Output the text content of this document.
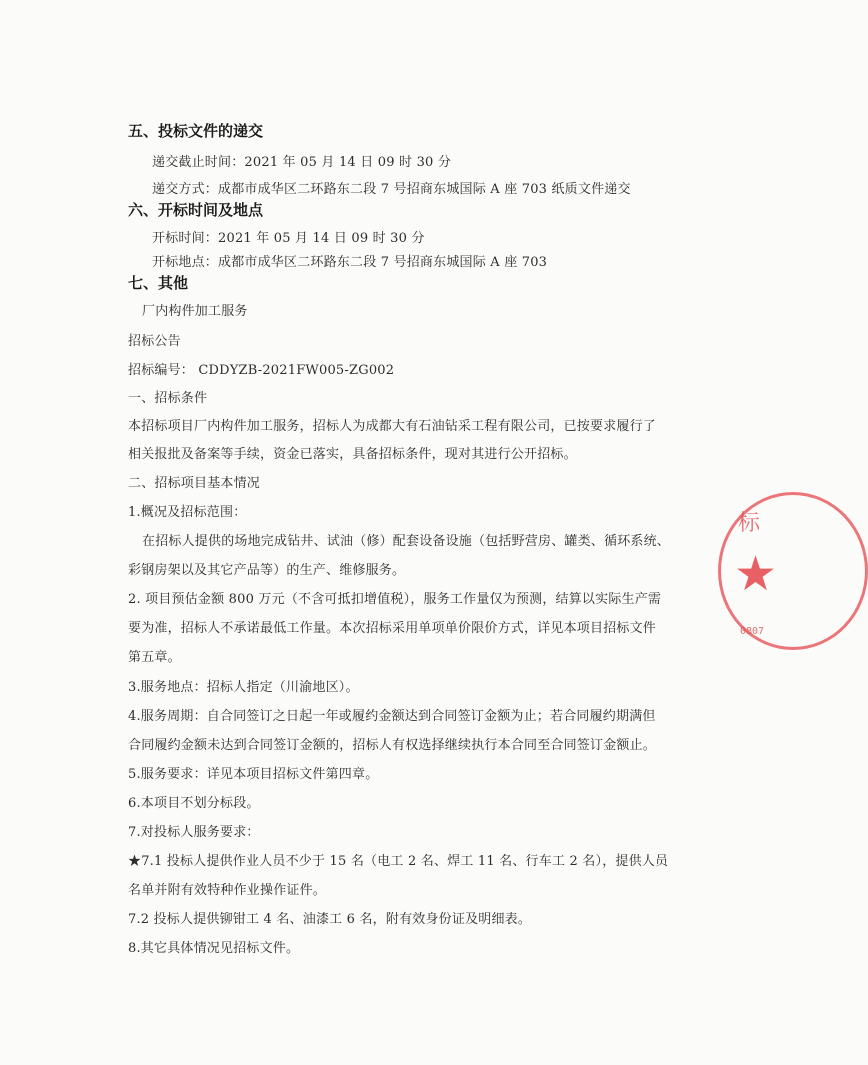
五、投标文件的递交
递交截止时间：2021 年 05 月 14 日 09 时 30 分
递交方式：成都市成华区二环路东二段 7 号招商东城国际 A 座 703 纸质文件递交
六、开标时间及地点
开标时间：2021 年 05 月 14 日 09 时 30 分
开标地点：成都市成华区二环路东二段 7 号招商东城国际 A 座 703
七、其他
厂内构件加工服务
招标公告
招标编号： CDDYZB-2021FW005-ZG002
一、招标条件
本招标项目厂内构件加工服务，招标人为成都大有石油钻采工程有限公司，已按要求履行了
相关报批及备案等手续，资金已落实，具备招标条件，现对其进行公开招标。
二、招标项目基本情况
1.概况及招标范围：
在招标人提供的场地完成钻井、试油（修）配套设备设施（包括野营房、罐类、循环系统、
彩钢房架以及其它产品等）的生产、维修服务。
2. 项目预估金额 800 万元（不含可抵扣增值税），服务工作量仅为预测，结算以实际生产需
要为准，招标人不承诺最低工作量。本次招标采用单项单价限价方式，详见本项目招标文件
第五章。
3.服务地点：招标人指定（川渝地区）。
4.服务周期：自合同签订之日起一年或履约金额达到合同签订金额为止；若合同履约期满但
合同履约金额未达到合同签订金额的，招标人有权选择继续执行本合同至合同签订金额止。
5.服务要求：详见本项目招标文件第四章。
6.本项目不划分标段。
7.对投标人服务要求：
★7.1 投标人提供作业人员不少于 15 名（电工 2 名、焊工 11 名、行车工 2 名），提供人员
名单并附有效特种作业操作证件。
7.2 投标人提供铆钳工 4 名、油漆工 6 名，附有效身份证及明细表。
8.其它具体情况见招标文件。
标
★
0807
